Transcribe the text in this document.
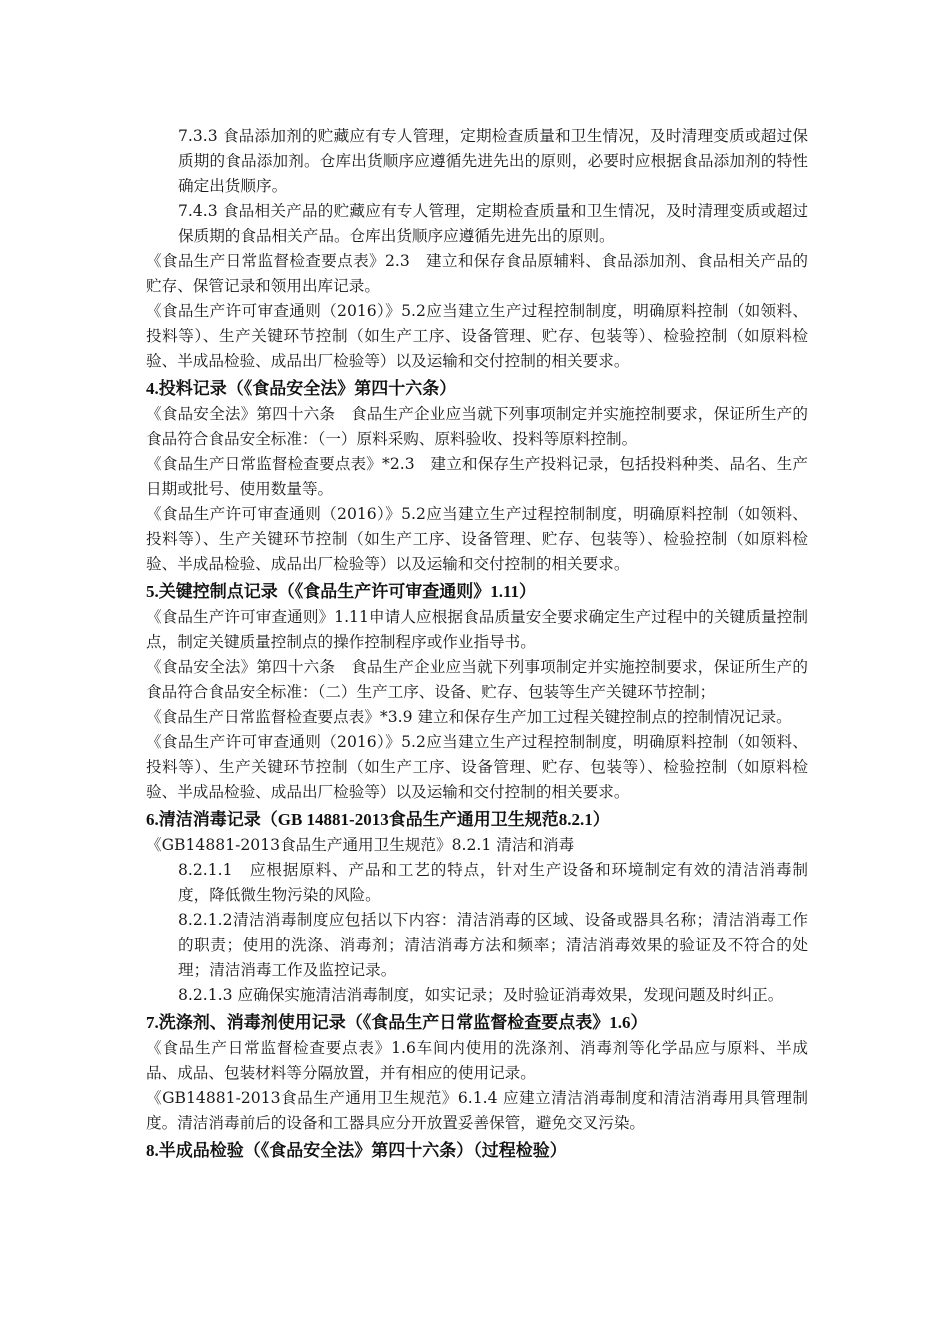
7.3.3 食品添加剂的贮藏应有专人管理，定期检查质量和卫生情况，及时清理变质或超过保质期的食品添加剂。仓库出货顺序应遵循先进先出的原则，必要时应根据食品添加剂的特性确定出货顺序。

7.4.3 食品相关产品的贮藏应有专人管理，定期检查质量和卫生情况，及时清理变质或超过保质期的食品相关产品。仓库出货顺序应遵循先进先出的原则。

《食品生产日常监督检查要点表》2.3　建立和保存食品原辅料、食品添加剂、食品相关产品的贮存、保管记录和领用出库记录。

《食品生产许可审查通则（2016）》5.2应当建立生产过程控制制度，明确原料控制（如领料、投料等）、生产关键环节控制（如生产工序、设备管理、贮存、包装等）、检验控制（如原料检验、半成品检验、成品出厂检验等）以及运输和交付控制的相关要求。

4.投料记录（《食品安全法》第四十六条）

《食品安全法》第四十六条　食品生产企业应当就下列事项制定并实施控制要求，保证所生产的食品符合食品安全标准：（一）原料采购、原料验收、投料等原料控制。

《食品生产日常监督检查要点表》*2.3　建立和保存生产投料记录，包括投料种类、品名、生产日期或批号、使用数量等。

《食品生产许可审查通则（2016）》5.2应当建立生产过程控制制度，明确原料控制（如领料、投料等）、生产关键环节控制（如生产工序、设备管理、贮存、包装等）、检验控制（如原料检验、半成品检验、成品出厂检验等）以及运输和交付控制的相关要求。

5.关键控制点记录（《食品生产许可审查通则》1.11）

《食品生产许可审查通则》1.11申请人应根据食品质量安全要求确定生产过程中的关键质量控制点，制定关键质量控制点的操作控制程序或作业指导书。

《食品安全法》第四十六条　食品生产企业应当就下列事项制定并实施控制要求，保证所生产的食品符合食品安全标准：（二）生产工序、设备、贮存、包装等生产关键环节控制；

《食品生产日常监督检查要点表》*3.9 建立和保存生产加工过程关键控制点的控制情况记录。

《食品生产许可审查通则（2016）》5.2应当建立生产过程控制制度，明确原料控制（如领料、投料等）、生产关键环节控制（如生产工序、设备管理、贮存、包装等）、检验控制（如原料检验、半成品检验、成品出厂检验等）以及运输和交付控制的相关要求。

6.清洁消毒记录（GB 14881-2013食品生产通用卫生规范8.2.1）

《GB14881-2013食品生产通用卫生规范》8.2.1 清洁和消毒

8.2.1.1　应根据原料、产品和工艺的特点，针对生产设备和环境制定有效的清洁消毒制度，降低微生物污染的风险。

8.2.1.2清洁消毒制度应包括以下内容：清洁消毒的区域、设备或器具名称；清洁消毒工作的职责；使用的洗涤、消毒剂；清洁消毒方法和频率；清洁消毒效果的验证及不符合的处理；清洁消毒工作及监控记录。

8.2.1.3 应确保实施清洁消毒制度，如实记录；及时验证消毒效果，发现问题及时纠正。

7.洗涤剂、消毒剂使用记录（《食品生产日常监督检查要点表》1.6）

《食品生产日常监督检查要点表》1.6车间内使用的洗涤剂、消毒剂等化学品应与原料、半成品、成品、包装材料等分隔放置，并有相应的使用记录。

《GB14881-2013食品生产通用卫生规范》6.1.4 应建立清洁消毒制度和清洁消毒用具管理制度。清洁消毒前后的设备和工器具应分开放置妥善保管，避免交叉污染。

8.半成品检验（《食品安全法》第四十六条）（过程检验）
